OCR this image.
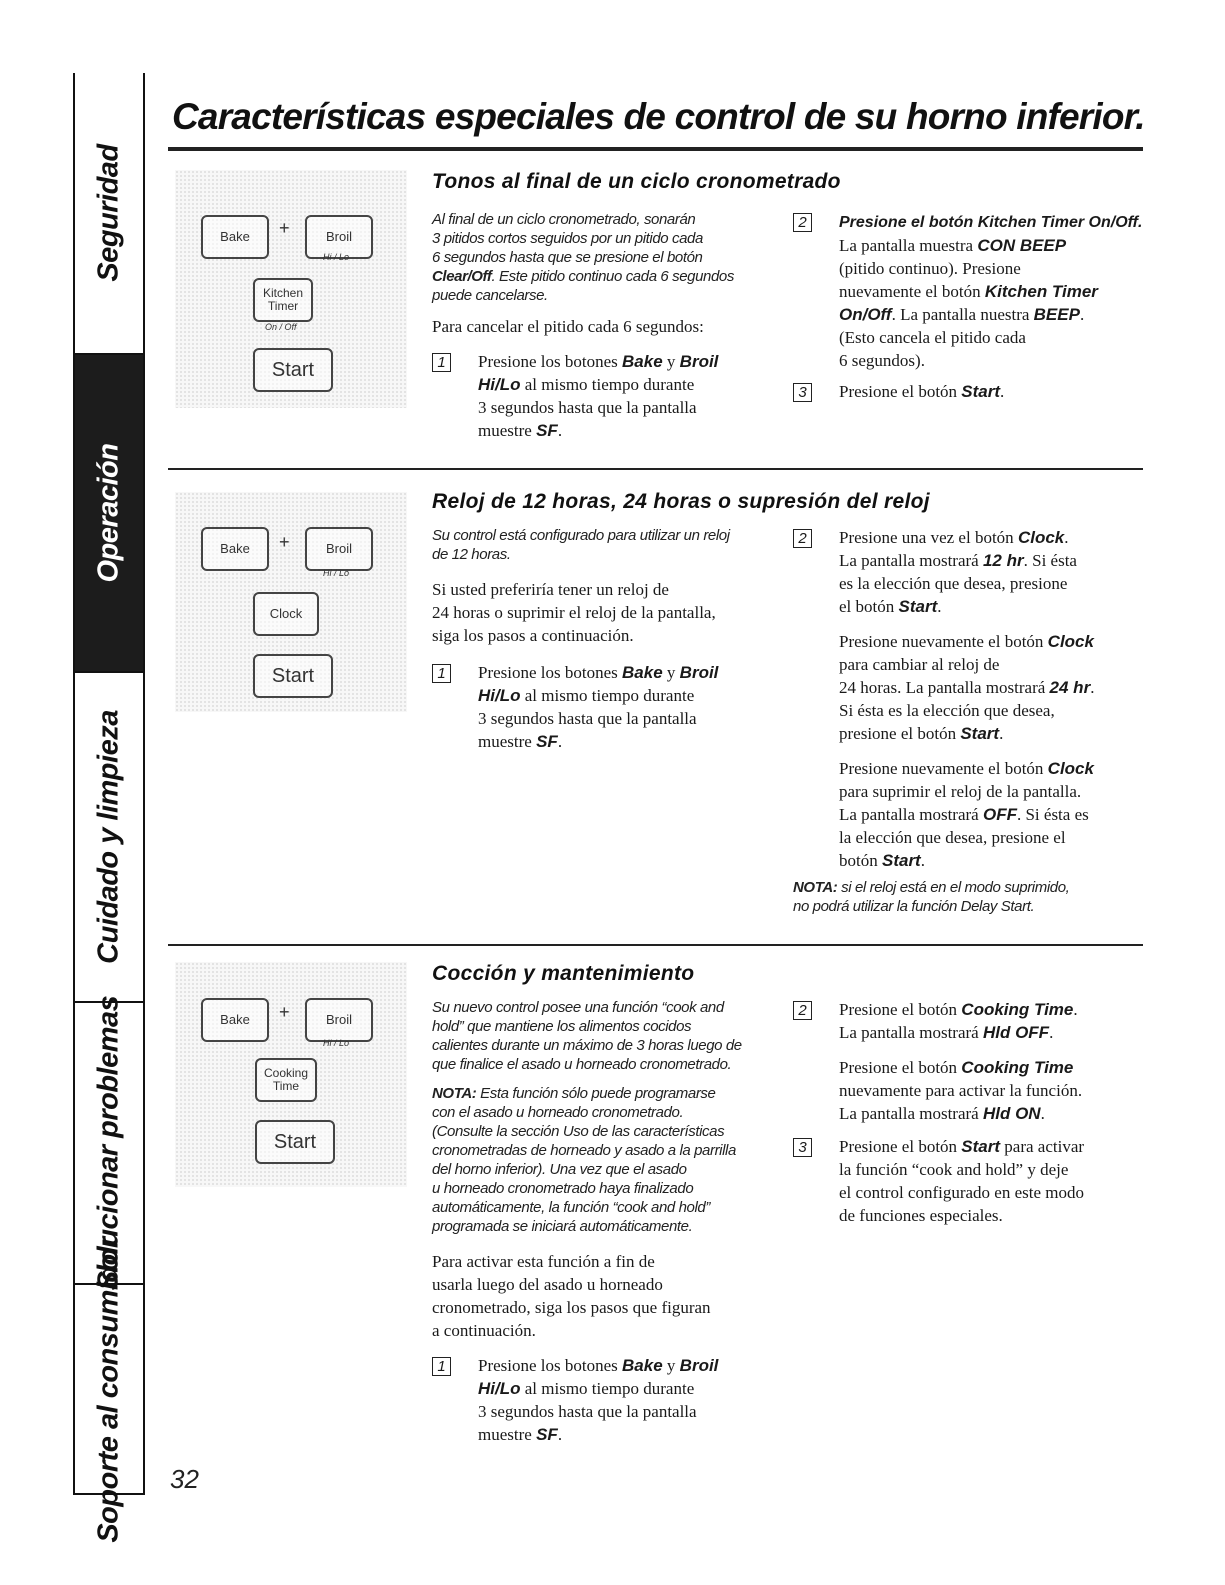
Seguridad
Operación
Cuidado y limpieza
Solucionar problemas
Soporte al consumidor
Características especiales de control de su horno inferior.
Tonos al final de un ciclo cronometrado
Bake +	Broil
Hi / Lo
Kitchen Timer
On / Off
Start

Al final de un ciclo cronometrado, sonarán
3 pitidos cortos seguidos por un pitido cada
6 segundos hasta que se presione el botón
Clear/Off. Este pitido continuo cada 6 segundos
puede cancelarse.

Para cancelar el pitido cada 6 segundos:

1	Presione los botones Bake y Broil
Hi/Lo al mismo tiempo durante
3 segundos hasta que la pantalla
muestre SF.
2	Presione el botón Kitchen Timer On/Off.
La pantalla muestra CON BEEP
(pitido continuo). Presione
nuevamente el botón Kitchen Timer
On/Off. La pantalla nuestra BEEP.
(Esto cancela el pitido cada
6 segundos).
3	Presione el botón Start.
Reloj de 12 horas, 24 horas o supresión del reloj
Bake +	Broil
Hi / Lo
Clock
Start

Su control está configurado para utilizar un reloj
de 12 horas.

Si usted preferiría tener un reloj de
24 horas o suprimir el reloj de la pantalla,
siga los pasos a continuación.

1	Presione los botones Bake y Broil
Hi/Lo al mismo tiempo durante
3 segundos hasta que la pantalla
muestre SF.
2	Presione una vez el botón Clock.
La pantalla mostrará 12 hr. Si ésta
es la elección que desea, presione
el botón Start.

Presione nuevamente el botón Clock
para cambiar al reloj de
24 horas. La pantalla mostrará 24 hr.
Si ésta es la elección que desea,
presione el botón Start.

Presione nuevamente el botón Clock
para suprimir el reloj de la pantalla.
La pantalla mostrará OFF. Si ésta es
la elección que desea, presione el
botón Start.

NOTA: si el reloj está en el modo suprimido,
no podrá utilizar la función Delay Start.

Cocción y mantenimiento
Bake +	Broil
Hi / Lo
Cooking Time
Start

Su nuevo control posee una función “cook and
hold” que mantiene los alimentos cocidos
calientes durante un máximo de 3 horas luego de
que finalice el asado u horneado cronometrado.

NOTA: Esta función sólo puede programarse
con el asado u horneado cronometrado.
(Consulte la sección Uso de las características
cronometradas de horneado y asado a la parrilla
del horno inferior). Una vez que el asado
u horneado cronometrado haya finalizado
automáticamente, la función “cook and hold”
programada se iniciará automáticamente.

Para activar esta función a fin de
usarla luego del asado u horneado
cronometrado, siga los pasos que figuran
a continuación.

1	Presione los botones Bake y Broil
Hi/Lo al mismo tiempo durante
3 segundos hasta que la pantalla
muestre SF.
2	Presione el botón Cooking Time.
La pantalla mostrará Hld OFF.

Presione el botón Cooking Time
nuevamente para activar la función.
La pantalla mostrará Hld ON.

3	Presione el botón Start para activar
la función “cook and hold” y deje
el control configurado en este modo
de funciones especiales.
32
